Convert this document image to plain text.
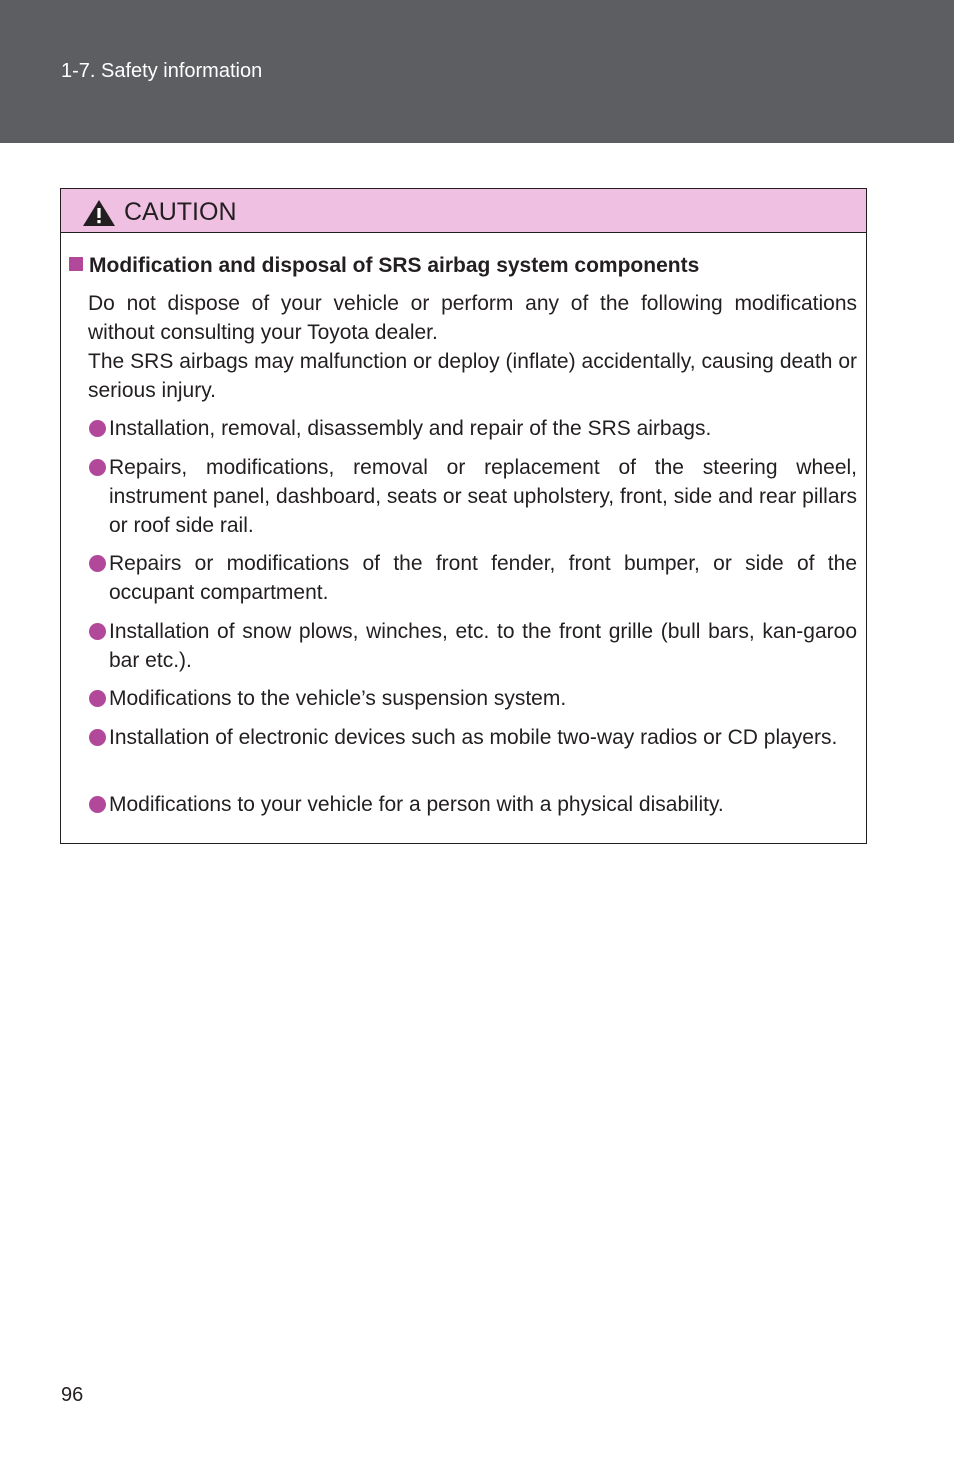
1-7. Safety information
CAUTION
Modification and disposal of SRS airbag system components
Do not dispose of your vehicle or perform any of the following modifications without consulting your Toyota dealer.
The SRS airbags may malfunction or deploy (inflate) accidentally, causing death or serious injury.
Installation, removal, disassembly and repair of the SRS airbags.
Repairs, modifications, removal or replacement of the steering wheel, instrument panel, dashboard, seats or seat upholstery, front, side and rear pillars or roof side rail.
Repairs or modifications of the front fender, front bumper, or side of the occupant compartment.
Installation of snow plows, winches, etc. to the front grille (bull bars, kan-garoo bar etc.).
Modifications to the vehicle’s suspension system.
Installation of electronic devices such as mobile two-way radios or CD players.
Modifications to your vehicle for a person with a physical disability.
96
